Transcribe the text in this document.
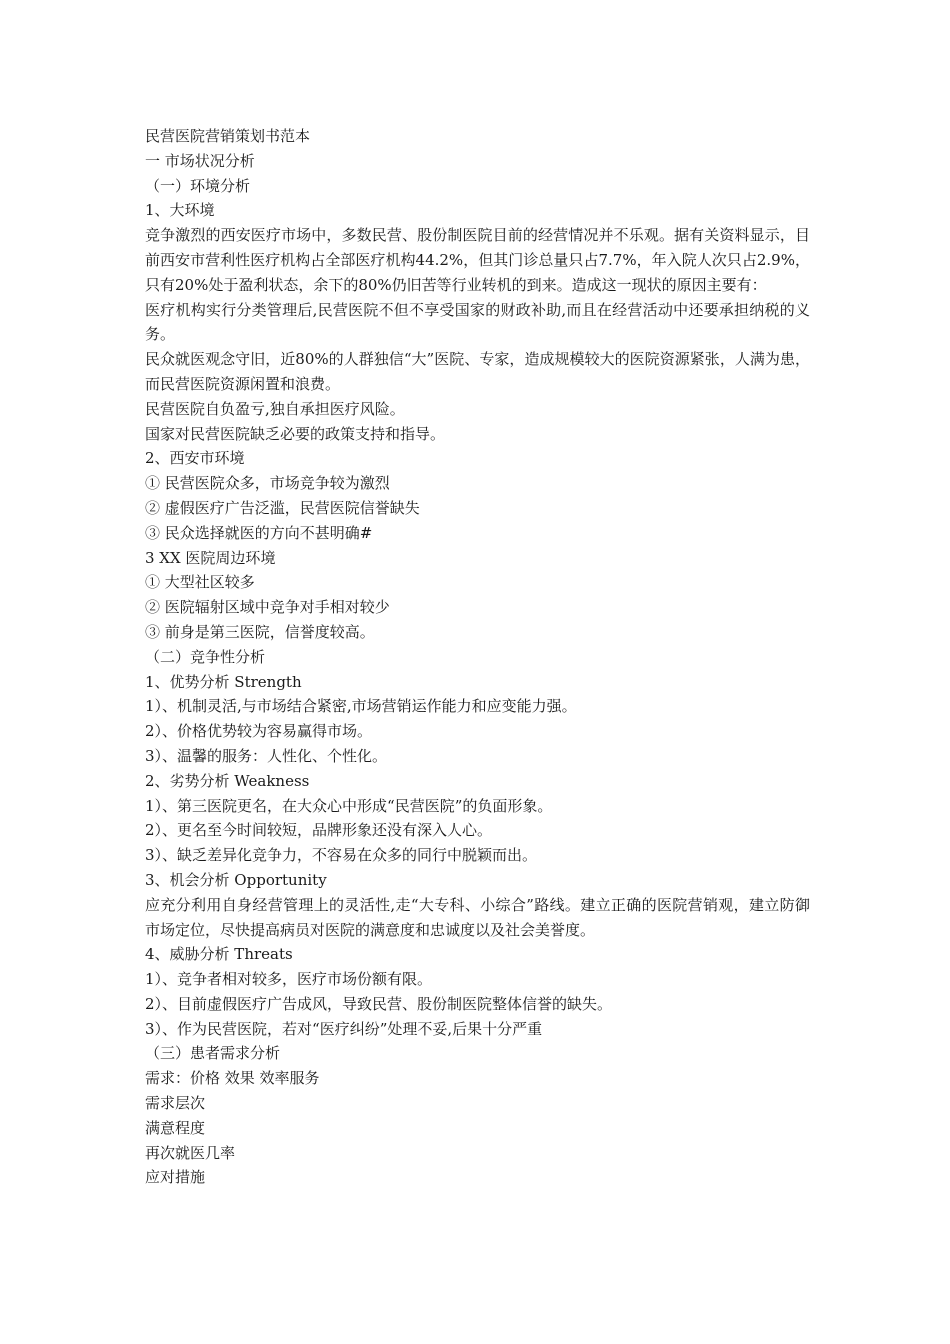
民营医院营销策划书范本

一 市场状况分析

（一）环境分析

1、大环境

竞争激烈的西安医疗市场中，多数民营、股份制医院目前的经营情况并不乐观。据有关资料显示，目前西安市营利性医疗机构占全部医疗机构44.2%，但其门诊总量只占7.7%，年入院人次只占2.9%，只有20%处于盈利状态，余下的80%仍旧苦等行业转机的到来。造成这一现状的原因主要有：

医疗机构实行分类管理后,民营医院不但不享受国家的财政补助,而且在经营活动中还要承担纳税的义务。

民众就医观念守旧，近80%的人群独信“大”医院、专家，造成规模较大的医院资源紧张，人满为患，而民营医院资源闲置和浪费。

民营医院自负盈亏,独自承担医疗风险。

国家对民营医院缺乏必要的政策支持和指导。

2、西安市环境

① 民营医院众多，市场竞争较为激烈

② 虚假医疗广告泛滥，民营医院信誉缺失

③ 民众选择就医的方向不甚明确#

3 XX 医院周边环境

① 大型社区较多

② 医院辐射区域中竞争对手相对较少

③ 前身是第三医院，信誉度较高。

（二）竞争性分析

1、优势分析 Strength

1）、机制灵活,与市场结合紧密,市场营销运作能力和应变能力强。

2）、价格优势较为容易赢得市场。

3）、温馨的服务：人性化、个性化。

2、劣势分析 Weakness

1）、第三医院更名，在大众心中形成“民营医院”的负面形象。

2）、更名至今时间较短，品牌形象还没有深入人心。

3）、缺乏差异化竞争力，不容易在众多的同行中脱颖而出。

3、机会分析 Opportunity

应充分利用自身经营管理上的灵活性,走“大专科、小综合”路线。建立正确的医院营销观，建立防御市场定位，尽快提高病员对医院的满意度和忠诚度以及社会美誉度。

4、威胁分析 Threats

1）、竞争者相对较多，医疗市场份额有限。

2）、目前虚假医疗广告成风，导致民营、股份制医院整体信誉的缺失。

3）、作为民营医院，若对“医疗纠纷”处理不妥,后果十分严重

（三）患者需求分析

需求：价格 效果 效率服务

需求层次

满意程度

再次就医几率

应对措施
